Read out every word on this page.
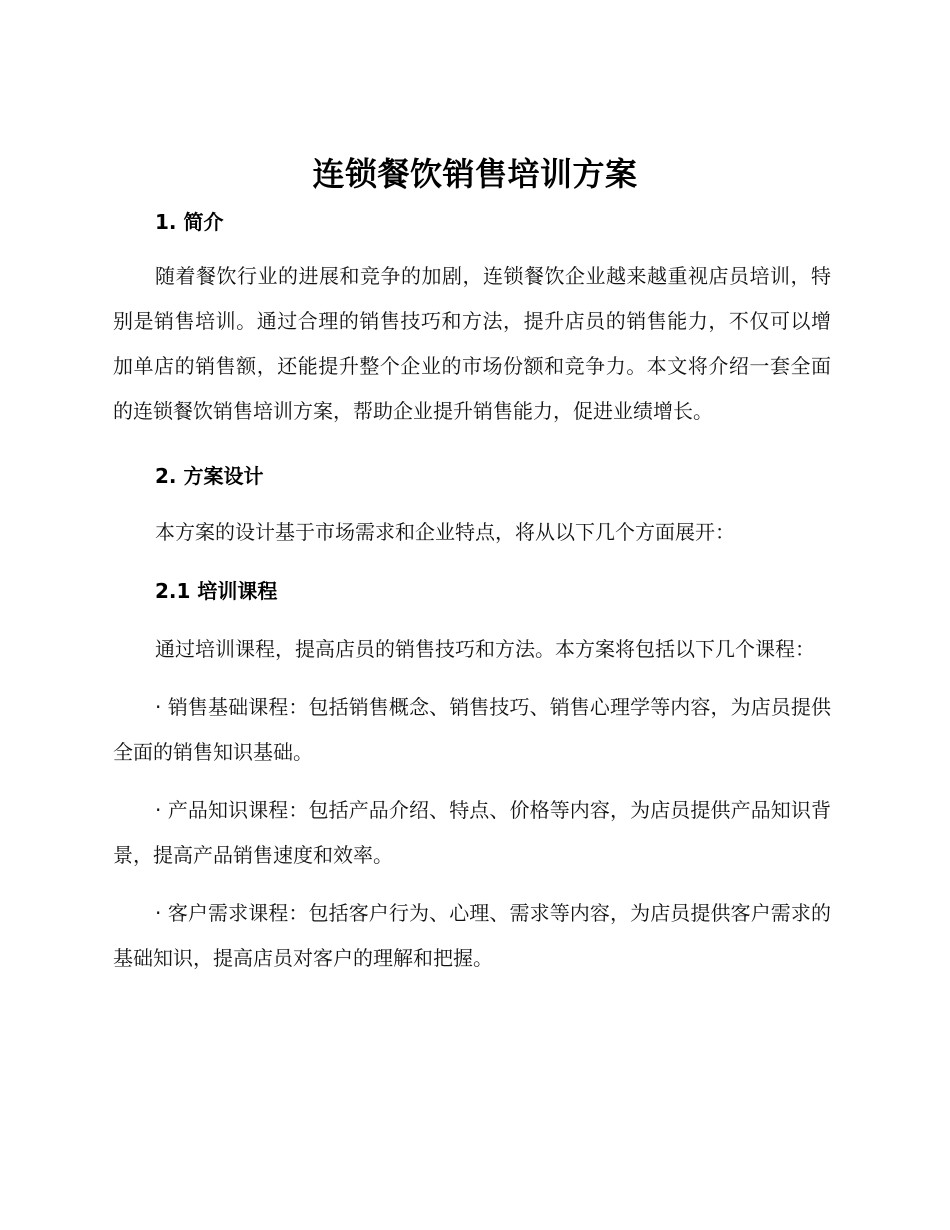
连锁餐饮销售培训方案

1. 简介

随着餐饮行业的进展和竞争的加剧，连锁餐饮企业越来越重视店员培训，特别是销售培训。通过合理的销售技巧和方法，提升店员的销售能力，不仅可以增加单店的销售额，还能提升整个企业的市场份额和竞争力。本文将介绍一套全面的连锁餐饮销售培训方案，帮助企业提升销售能力，促进业绩增长。

2. 方案设计

本方案的设计基于市场需求和企业特点，将从以下几个方面展开：

2.1 培训课程

通过培训课程，提高店员的销售技巧和方法。本方案将包括以下几个课程：

· 销售基础课程：包括销售概念、销售技巧、销售心理学等内容，为店员提供全面的销售知识基础。

· 产品知识课程：包括产品介绍、特点、价格等内容，为店员提供产品知识背景，提高产品销售速度和效率。

· 客户需求课程：包括客户行为、心理、需求等内容，为店员提供客户需求的基础知识，提高店员对客户的理解和把握。
